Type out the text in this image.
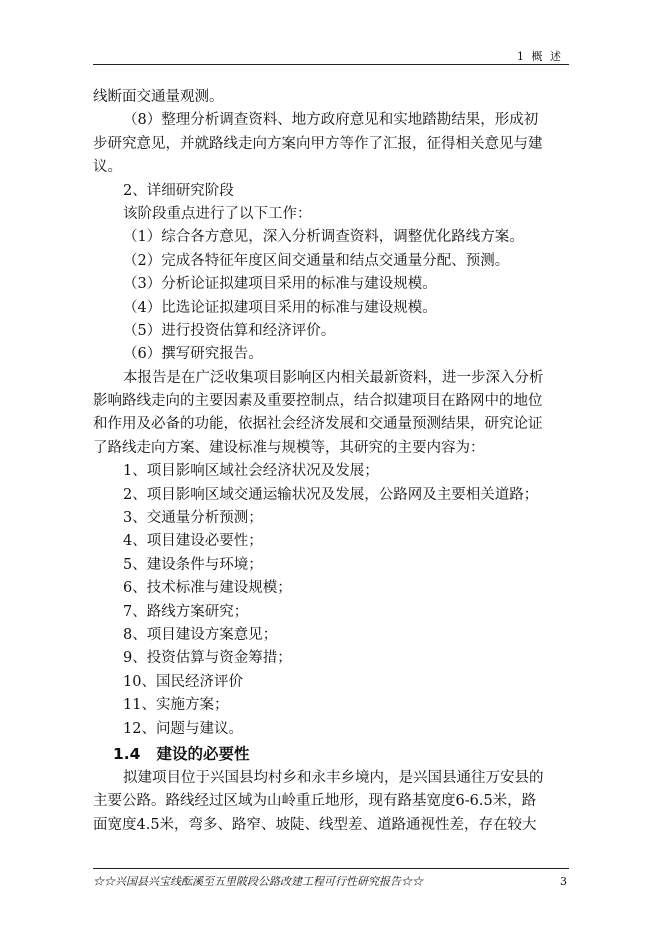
1 概 述
线断面交通量观测。
（8）整理分析调查资料、地方政府意见和实地踏勘结果，形成初
步研究意见，并就路线走向方案向甲方等作了汇报，征得相关意见与建
议。
2、详细研究阶段
该阶段重点进行了以下工作：
（1）综合各方意见，深入分析调查资料，调整优化路线方案。
（2）完成各特征年度区间交通量和结点交通量分配、预测。
（3）分析论证拟建项目采用的标准与建设规模。
（4）比选论证拟建项目采用的标准与建设规模。
（5）进行投资估算和经济评价。
（6）撰写研究报告。
本报告是在广泛收集项目影响区内相关最新资料，进一步深入分析
影响路线走向的主要因素及重要控制点，结合拟建项目在路网中的地位
和作用及必备的功能，依据社会经济发展和交通量预测结果，研究论证
了路线走向方案、建设标准与规模等，其研究的主要内容为：
1、项目影响区域社会经济状况及发展；
2、项目影响区域交通运输状况及发展，公路网及主要相关道路；
3、交通量分析预测；
4、项目建设必要性；
5、建设条件与环境；
6、技术标准与建设规模；
7、路线方案研究；
8、项目建设方案意见；
9、投资估算与资金筹措；
10、国民经济评价
11、实施方案；
12、问题与建议。
1.4 建设的必要性
拟建项目位于兴国县均村乡和永丰乡境内，是兴国县通往万安县的
主要公路。路线经过区域为山岭重丘地形，现有路基宽度6-6.5米，路
面宽度4.5米，弯多、路窄、坡陡、线型差、道路通视性差，存在较大
☆☆兴国县兴宝线酝溪至五里陂段公路改建工程可行性研究报告☆☆	3
